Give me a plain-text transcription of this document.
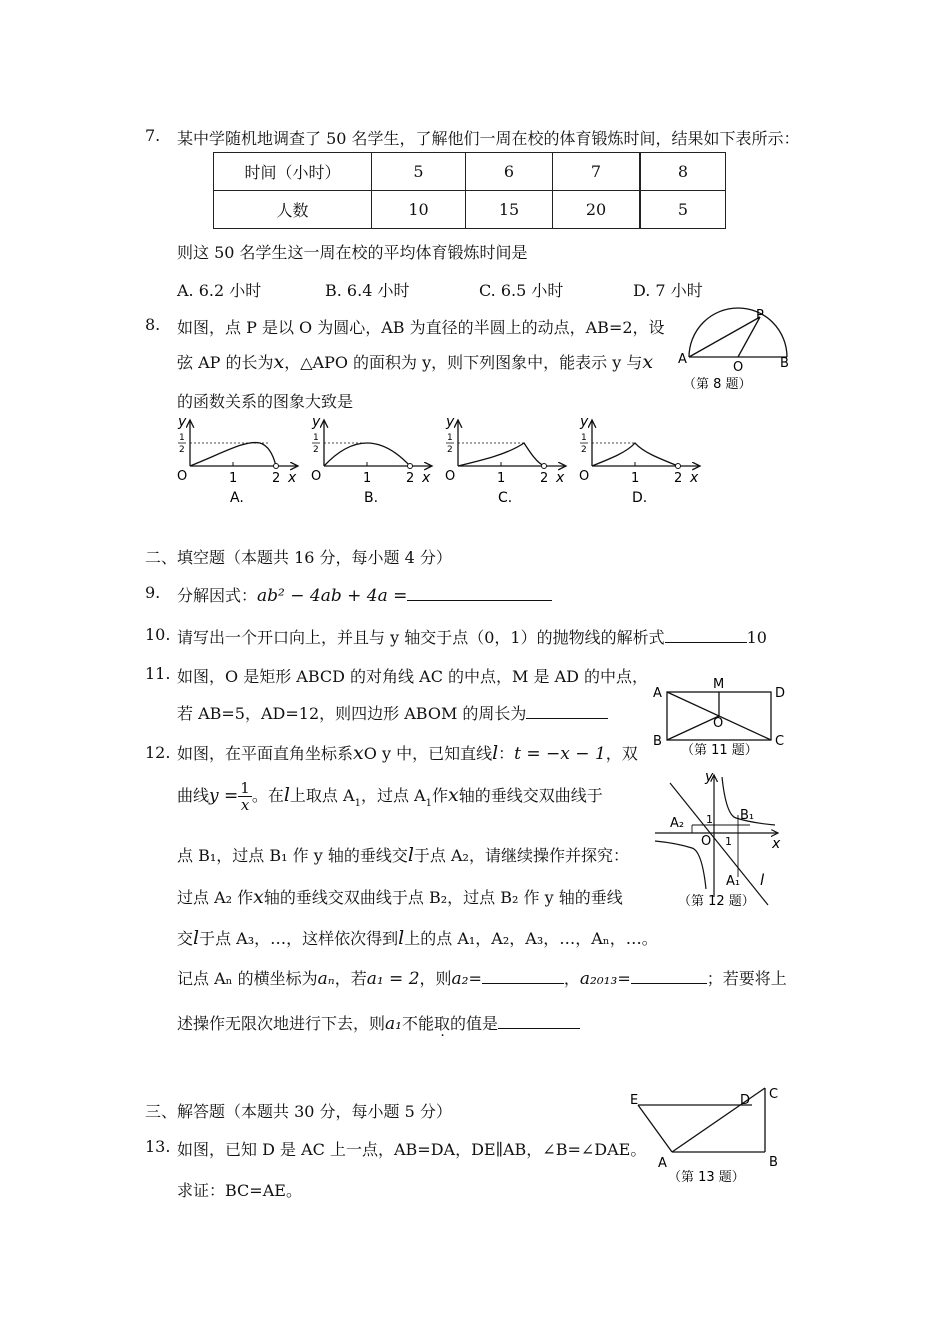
7. 某中学随机地调查了 50 名学生，了解他们一周在校的体育锻炼时间，结果如下表所示：
时间（小时）	5	6	7	8
人数	10	15	20	5
则这 50 名学生这一周在校的平均体育锻炼时间是
A. 6.2 小时	B. 6.4 小时	C. 6.5 小时	D. 7 小时
8. 如图，点 P 是以 O 为圆心，AB 为直径的半圆上的动点，AB=2，设
弦 AP 的长为x，△APO 的面积为 y，则下列图象中，能表示 y 与x
的函数关系的图象大致是
A
O	B
P
（第 8 题）
y
1
2
O	1	2 x
A.
y
1
2
O	1	2 x
B.
y
1
2
O	1	2 x
C.
y
1
2
O	1	2 x
D.
二、填空题（本题共 16 分，每小题 4 分）
9. 分解因式：ab² − 4ab + 4a =
10. 请写出一个开口向上，并且与 y 轴交于点（0，1）的抛物线的解析式	10
11. 如图，O 是矩形 ABCD 的对角线 AC 的中点，M 是 AD 的中点，
若 AB=5，AD=12，则四边形 ABOM 的周长为
A
M
D
B
O
C
（第 11 题）
12. 如图，在平面直角坐标系xO y 中，已知直线l：t = −x − 1，双
曲线$y = \frac{1}{x}$ 。在l上取点 $A_1$，过点 $A_1$作x轴的垂线交双曲线于
点 B₁，过点 B₁ 作 y 轴的垂线交l于点 A₂，请继续操作并探究：
过点 A₂ 作x轴的垂线交双曲线于点 B₂，过点 B₂ 作 y 轴的垂线
交l于点 A₃，…，这样依次得到l上的点 A₁，A₂，A₃，…，Aₙ，…。
记点 Aₙ 的横坐标为aₙ，若a₁ = 2，则a₂=	，a₂₀₁₃=	；若要将上
述操作无限次地进行下去，则a₁不能取的值是 ·
y
x
O
1
1
A₂
B₁
A₁ l
（第 12 题）
三、解答题（本题共 30 分，每小题 5 分）
13. 如图，已知 D 是 AC 上一点，AB=DA，DE∥AB，∠B=∠DAE。
求证：BC=AE。
E	D C
A	B
（第 13 题）
